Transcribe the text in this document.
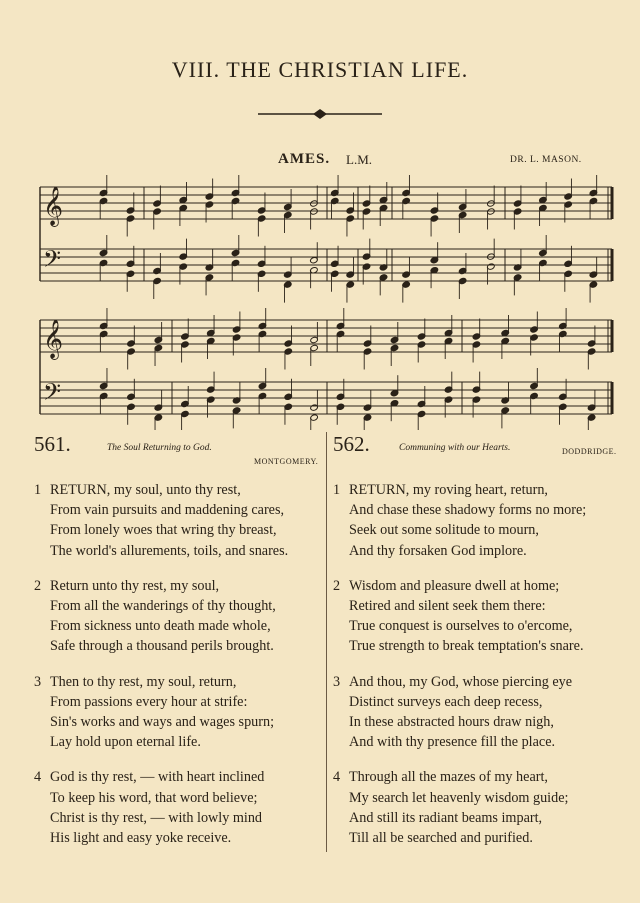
VIII. THE CHRISTIAN LIFE.
AMES. L.M.	DR. L. MASON.
𝄞
𝄢
𝄞
𝄢
561.	The Soul Returning to God.
MONTGOMERY.
1 RETURN, my soul, unto thy rest,
From vain pursuits and maddening cares,
From lonely woes that wring thy breast,
The world's allurements, toils, and snares.
2 Return unto thy rest, my soul,
From all the wanderings of thy thought,
From sickness unto death made whole,
Safe through a thousand perils brought.
3 Then to thy rest, my soul, return,
From passions every hour at strife:
Sin's works and ways and wages spurn;
Lay hold upon eternal life.
4 God is thy rest, — with heart inclined
To keep his word, that word believe;
Christ is thy rest, — with lowly mind
His light and easy yoke receive.
562.	Communing with our Hearts.	DODDRIDGE.
1 RETURN, my roving heart, return,
And chase these shadowy forms no more;
Seek out some solitude to mourn,
And thy forsaken God implore.
2 Wisdom and pleasure dwell at home;
Retired and silent seek them there:
True conquest is ourselves to o'ercome,
True strength to break temptation's snare.
3 And thou, my God, whose piercing eye
Distinct surveys each deep recess,
In these abstracted hours draw nigh,
And with thy presence fill the place.
4 Through all the mazes of my heart,
My search let heavenly wisdom guide;
And still its radiant beams impart,
Till all be searched and purified.
